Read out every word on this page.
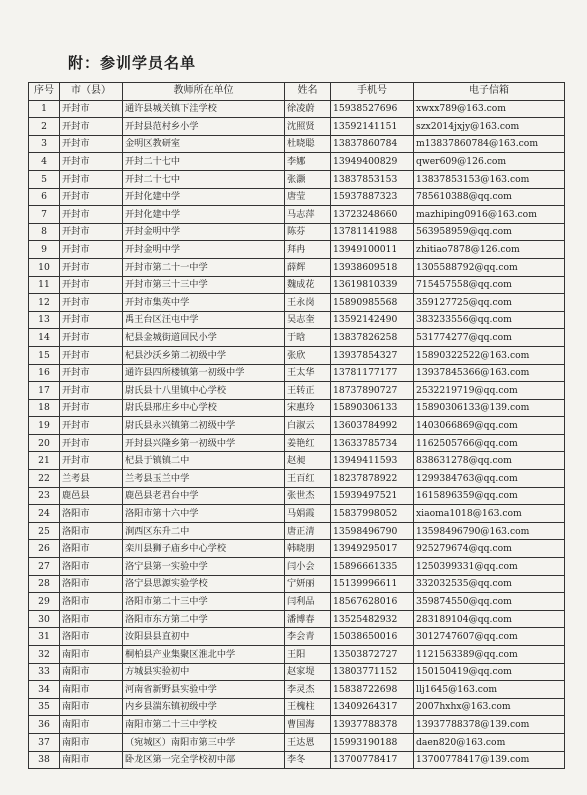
附：参训学员名单
序号	市（县）	教师所在单位	姓名	手机号	电子信箱
1	开封市	通许县城关镇下洼学校	徐凌蔚	15938527696	xwxx789@163.com
2	开封市	开封县范村乡小学	沈照贤	13592141151	szx2014jxjy@163.com
3	开封市	金明区教研室	杜晓聪	13837860784	m13837860784@163.com
4	开封市	开封二十七中	李娜	13949400829	qwer609@126.com
5	开封市	开封二十七中	张灏	13837853153	13837853153@163.com
6	开封市	开封化建中学	唐莹	15937887323	785610388@qq.com
7	开封市	开封化建中学	马志萍	13723248660	mazhiping0916@163.com
8	开封市	开封金明中学	陈芬	13781141988	563958959@qq.com
9	开封市	开封金明中学	拜冉	13949100011	zhitiao7878@126.com
10	开封市	开封市第二十一中学	薛辉	13938609518	1305588792@qq.com
11	开封市	开封市第三十三中学	魏成花	13619810339	715457558@qq.com
12	开封市	开封市集英中学	王永岗	15890985568	359127725@qq.com
13	开封市	禹王台区汪屯中学	吴志奎	13592142490	383233556@qq.com
14	开封市	杞县金城街道回民小学	于晗	13837826258	531774277@qq.com
15	开封市	杞县沙沃乡第二初级中学	张欣	13937854327	15890322522@163.com
16	开封市	通许县四所楼镇第一初级中学	王太华	13781177177	13937845366@163.com
17	开封市	尉氏县十八里镇中心学校	王转正	18737890727	2532219719@qq.com
18	开封市	尉氏县邢庄乡中心学校	宋惠玲	15890306133	15890306133@139.com
19	开封市	尉氏县永兴镇第二初级中学	白淑云	13603784992	1403066869@qq.com
20	开封市	开封县兴隆乡第一初级中学	姜艳红	13633785734	1162505766@qq.com
21	开封市	杞县于镇镇二中	赵昶	13949411593	838631278@qq.com
22	兰考县	兰考县玉兰中学	王百红	18237878922	1299384763@qq.com
23	鹿邑县	鹿邑县老君台中学	张世杰	15939497521	1615896359@qq.com
24	洛阳市	洛阳市第十六中学	马娟霞	15837998052	xiaoma1018@163.com
25	洛阳市	涧西区东升二中	唐正清	13598496790	13598496790@163.com
26	洛阳市	栾川县狮子庙乡中心学校	韩晓朋	13949295017	925279674@qq.com
27	洛阳市	洛宁县第一实验中学	闫小会	15896661335	1250399331@qq.com
28	洛阳市	洛宁县思源实验学校	宁妍丽	15139996611	332032535@qq.com
29	洛阳市	洛阳市第二十三中学	闫利品	18567628016	359874550@qq.com
30	洛阳市	洛阳市东方第二中学	潘博春	13525482932	283189104@qq.com
31	洛阳市	汝阳县县直初中	李会青	15038650016	3012747607@qq.com
32	南阳市	桐柏县产业集聚区淮北中学	王阳	13503872727	1121563389@qq.com
33	南阳市	方城县实验初中	赵家堤	13803771152	150150419@qq.com
34	南阳市	河南省新野县实验中学	李灵杰	15838722698	llj1645@163.com
35	南阳市	内乡县湍东镇初级中学	王槐柱	13409264317	2007hxhx@163.com
36	南阳市	南阳市第二十三中学校	曹国海	13937788378	13937788378@139.com
37	南阳市	（宛城区）南阳市第三中学	王达恩	15993190188	daen820@163.com
38	南阳市	卧龙区第一完全学校初中部	李冬	13700778417	13700778417@139.com
